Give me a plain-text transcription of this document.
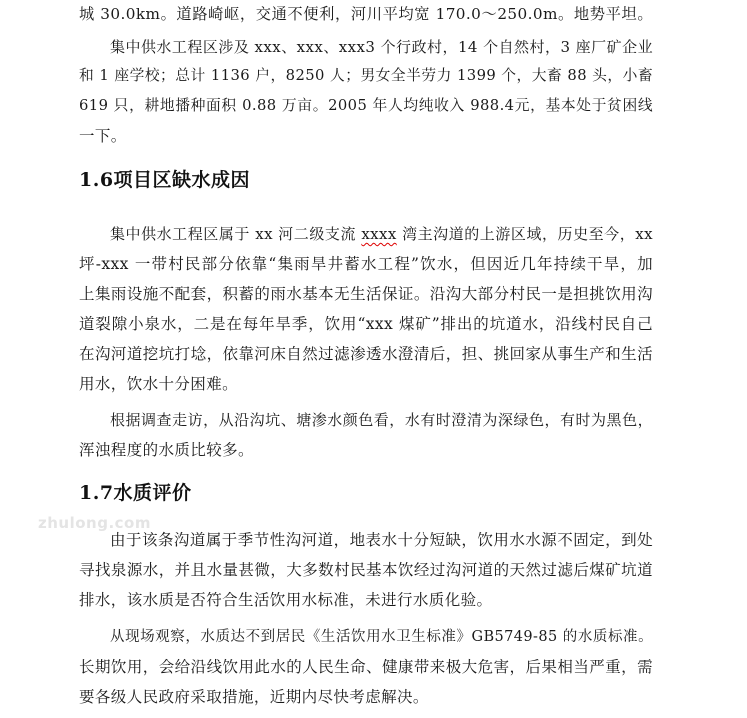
zhulong.com
城 30.0km。道路崎岖，交通不便利，河川平均宽 170.0～250.0m。地势平坦。
集中供水工程区涉及 xxx、xxx、xxx3 个行政村，14 个自然村，3 座厂矿企业
和 1 座学校；总计 1136 户，8250 人；男女全半劳力 1399 个，大畜 88 头，小畜
619 只，耕地播种面积 0.88 万亩。2005 年人均纯收入 988.4元，基本处于贫困线
一下。
1.6项目区缺水成因
集中供水工程区属于 xx 河二级支流 xxxx 湾主沟道的上游区域，历史至今，xx
坪-xxx 一带村民部分依靠“集雨旱井蓄水工程”饮水，但因近几年持续干旱，加
上集雨设施不配套，积蓄的雨水基本无生活保证。沿沟大部分村民一是担挑饮用沟
道裂隙小泉水，二是在每年旱季，饮用“xxx 煤矿”排出的坑道水，沿线村民自己
在沟河道挖坑打埝，依靠河床自然过滤渗透水澄清后，担、挑回家从事生产和生活
用水，饮水十分困难。
根据调查走访，从沿沟坑、塘渗水颜色看，水有时澄清为深绿色，有时为黑色，
浑浊程度的水质比较多。
1.7水质评价
由于该条沟道属于季节性沟河道，地表水十分短缺，饮用水水源不固定，到处
寻找泉源水，并且水量甚微，大多数村民基本饮经过沟河道的天然过滤后煤矿坑道
排水，该水质是否符合生活饮用水标准，未进行水质化验。
从现场观察，水质达不到居民《生活饮用水卫生标准》GB5749-85 的水质标准。
长期饮用，会给沿线饮用此水的人民生命、健康带来极大危害，后果相当严重，需
要各级人民政府采取措施，近期内尽快考虑解决。
